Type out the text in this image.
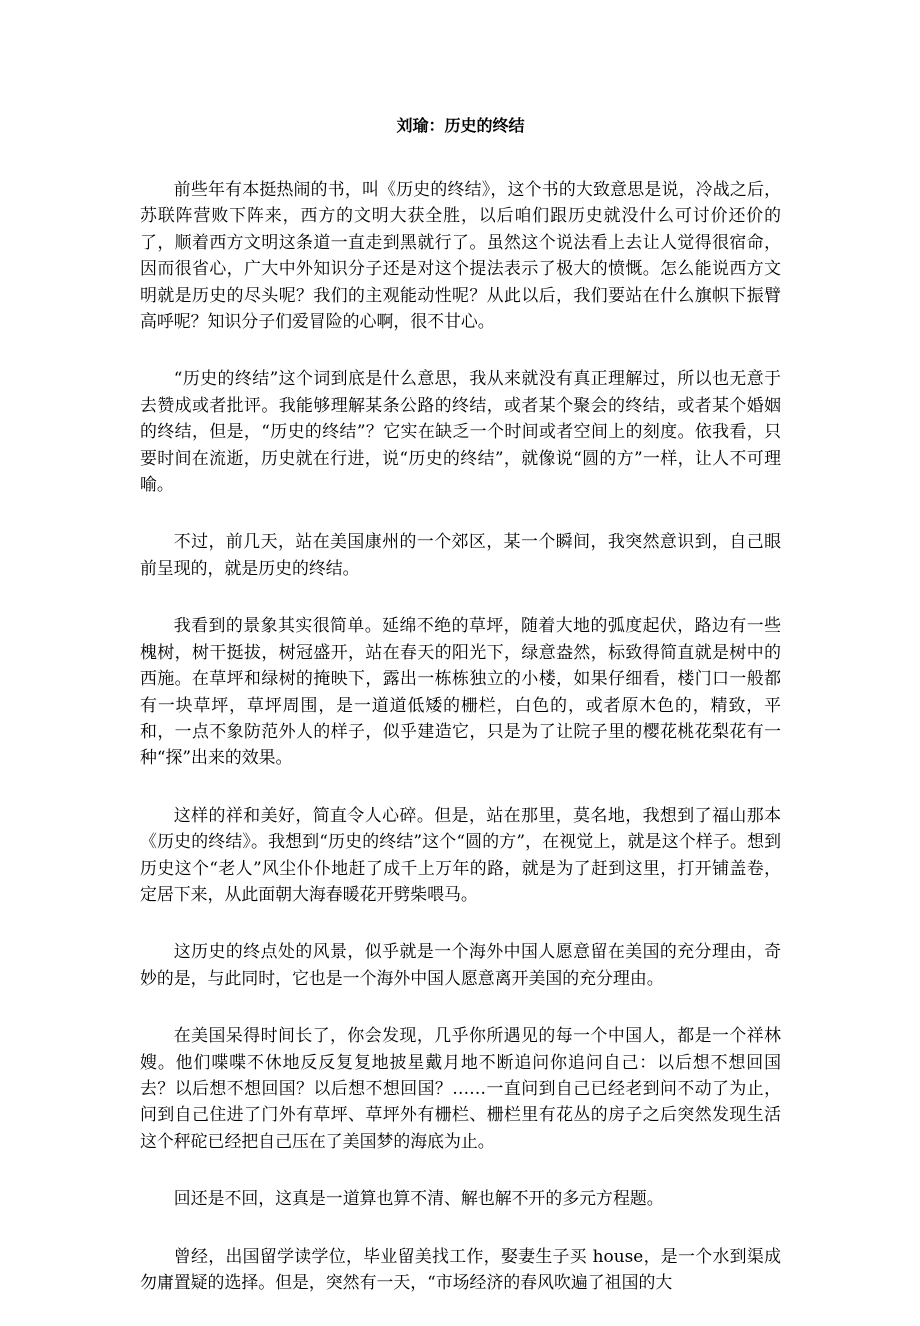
刘瑜：历史的终结

前些年有本挺热闹的书，叫《历史的终结》，这个书的大致意思是说，冷战之后，苏联阵营败下阵来，西方的文明大获全胜，以后咱们跟历史就没什么可讨价还价的了，顺着西方文明这条道一直走到黑就行了。虽然这个说法看上去让人觉得很宿命，因而很省心，广大中外知识分子还是对这个提法表示了极大的愤慨。怎么能说西方文明就是历史的尽头呢？我们的主观能动性呢？从此以后，我们要站在什么旗帜下振臂高呼呢？知识分子们爱冒险的心啊，很不甘心。

“历史的终结”这个词到底是什么意思，我从来就没有真正理解过，所以也无意于去赞成或者批评。我能够理解某条公路的终结，或者某个聚会的终结，或者某个婚姻的终结，但是，“历史的终结”？它实在缺乏一个时间或者空间上的刻度。依我看，只要时间在流逝，历史就在行进，说“历史的终结”，就像说“圆的方”一样，让人不可理喻。

不过，前几天，站在美国康州的一个郊区，某一个瞬间，我突然意识到，自己眼前呈现的，就是历史的终结。

我看到的景象其实很简单。延绵不绝的草坪，随着大地的弧度起伏，路边有一些槐树，树干挺拔，树冠盛开，站在春天的阳光下，绿意盎然，标致得简直就是树中的西施。在草坪和绿树的掩映下，露出一栋栋独立的小楼，如果仔细看，楼门口一般都有一块草坪，草坪周围，是一道道低矮的栅栏，白色的，或者原木色的，精致，平和，一点不象防范外人的样子，似乎建造它，只是为了让院子里的樱花桃花梨花有一种“探”出来的效果。

这样的祥和美好，简直令人心碎。但是，站在那里，莫名地，我想到了福山那本《历史的终结》。我想到“历史的终结”这个“圆的方”，在视觉上，就是这个样子。想到历史这个“老人”风尘仆仆地赶了成千上万年的路，就是为了赶到这里，打开铺盖卷，定居下来，从此面朝大海春暖花开劈柴喂马。

这历史的终点处的风景，似乎就是一个海外中国人愿意留在美国的充分理由，奇妙的是，与此同时，它也是一个海外中国人愿意离开美国的充分理由。

在美国呆得时间长了，你会发现，几乎你所遇见的每一个中国人，都是一个祥林嫂。他们喋喋不休地反反复复地披星戴月地不断追问你追问自己：以后想不想回国去？以后想不想回国？以后想不想回国？……一直问到自己已经老到问不动了为止，问到自己住进了门外有草坪、草坪外有栅栏、栅栏里有花丛的房子之后突然发现生活这个秤砣已经把自己压在了美国梦的海底为止。

回还是不回，这真是一道算也算不清、解也解不开的多元方程题。

曾经，出国留学读学位，毕业留美找工作，娶妻生子买 house，是一个水到渠成勿庸置疑的选择。但是，突然有一天，“市场经济的春风吹遍了祖国的大
